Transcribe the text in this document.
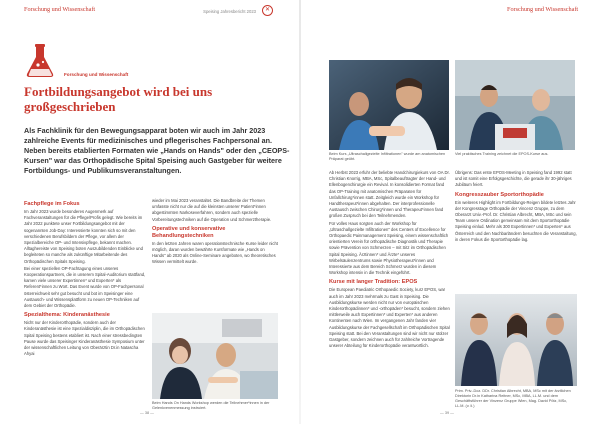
Forschung und Wissenschaft	Speising Jahresbericht 2023	✕
Forschung und Wissenschaft
Fortbildungsangebot wird bei uns großgeschrieben

Als Fachklinik für den Bewegungsapparat boten wir auch im Jahr 2023 zahlreiche Events für medizinisches und pflegerisches Fachpersonal an. Neben bereits etablierten Formaten wie „Hands on Hands" oder den „CEOPS-Kursen" war das Orthopädische Spital Speising auch Gastgeber für weitere Fortbildungs- und Publikumsveranstaltungen.

Fachpflege im Fokus

Im Jahr 2023 wurde besonderes Augenmerk auf Fachveranstaltungen für die Pflege/Profis gelegt. Wie bereits im Jahr 2022 punktete unser Fortbildungsangebot mit der sogenannten Job-Day: Interessierte konnten sich so mit den verschiedenen Berufsbildern der Pflege, vor allem der Spezialbereiche OP- und Intensivpflege, bekannt machen. Alltaghereiste von Speising boten Auszubildenden Einblicke und begleiteten so manche als zukünftige Mitarbeitende des Orthopädischen Spitals Speising.

Bei einer speziellen OP-Fachtagung eines unseres Kooperationspartners, die in unserem Spital-Auditorium stattfand, kamen viele unserer Expertinnen* und Experten* als Referent*innen zu Wort. Das Event wurde von OP-Fachpersonal österreichweit sehr gut besucht und bot im Speisinger eine Austausch- und Wissensplattform zu neuen OP-Techniken auf dem Gebiet der Orthopädie.

Spezialthema: Kinderanästhesie

Nicht nur der Kinderorthopädie, sondern auch der Kinderanästhesie ist eine Spezialdisziplin, die im Orthopädischen Spital Speising bestens etabliert ist. Nach einer stressbedingten Pause wurde das Speisinger Kinderanästhesie Symposium unter der wissenschaftlichen Leitung von Oberärztin Dr.in Natascha Ahyai

wieder im Mai 2023 veranstaltet. Die Bandbreite der Themen umfasste nicht nur die auf die kleinsten unserer Patient*innen abgestimmten Narkoseverfahren, sondern auch spezielle Vorbereitungstechniken auf die Operation und Schmerztherapie.

Operative und konservative Behandlungstechniken

In den letzten Jahren waren operationstechnische Kurse leider nicht möglich, daran wurden bewährte Kursformate wie „Hands on Hands" ab 2020 als Online-Seminare angeboten, wo theoretisches Wissen vermittelt wurde.

Beim Hands On Hands Workshop werden die Teilnehmer*innen in der Gelenkvenenmessung instruiert.
— 38 —
Forschung und Wissenschaft
Beim Kurs „Ultraschallgezielte Infiltrationen" wurde am anatomischen Präparat geübt.
Viel praktisches Training zeichnet die EPOS-Kurse aus.

Ab Herbst 2023 erfuhr der beliebte Handchirurgiekurs von OA Dr. Christian Knorrig, MBA, MSc, Spitalbeauftragter der Hand- und Ellenbogenchirurgie ein Revival. In konsolidierten Format fand das OP-Training mit anatomischen Präparaten für Unfallchirurg*innen statt. Zeitgleich wurde ein Workshop für Handtherapeut*innen abgehalten. Der interprofessionelle Austausch zwischen Chirurg*innen und Therapeut*innen fand großen Zuspruch bei den Teilnehmenden.

Für volles Haus sorgten auch der Workshop für „Ultraschallgezielte Infiltrationen" des Centers of Excellence for Orthopaedic Painmanagement Speising, einem wissenschaftlich orientierten Verein für orthopädische Diagnostik und Therapie sowie Prävention von Schmerzen – mit Sitz im Orthopädischen Spital Speising. Ärztinnen* und Ärzte* unseres Wirbelsäulenzentrums sowie Physiotherapeut*innen und Interessierte aus dem Bereich Schmerz wurden in diesem Workshop intensiv in die Technik eingeführt.

Kurse mit langer Tradition: EPOS

Die European Paediatric Orthopaedic Society, kurz EPOS, war auch im Jahr 2023 mehrmals zu Gast in Speising. Die Ausbildungskurse werden nicht nur von europäischen Kinderorthopädinnen* und -orthopäden* besucht, sondern ziehen mittlerweile auch Expertinnen* und Experten* aus anderen Kontinenten nach Wien. Im vergangenen Jahr fanden vier Ausbildungskurse der Fachgesellschaft im Orthopädischen Spital Speising statt. Bei den Veranstaltungen sind wir nicht nur stolzer Gastgeber, sondern zeichnen auch für zahlreiche Vortragende unserer Abteilung für Kinderorthopädie verantwortlich.

Übrigens: Das erste EPOS-Meeting in Speising fand 1992 statt und ist somit eine Erfolgsgeschichte, die gerade ihr 30-jähriges Jubiläum feiert.

Kongresszauber Sportorthopädie

Ein weiteres Highlight im Fortbildungs-Reigen bildete letztes Jahr der Kongresstage Orthopädie der Vincenz Gruppe, zu dem Oberarzt Univ.-Prof. Dr. Christian Albrecht, MBA, MSc und sein Team unsere Ordination gemeinsam mit dem Sportorthopädie Speising einlud. Mehr als 300 Expertinnen* und Experten* aus Österreich und den Nachbarländern besuchten die Veranstaltung, in deren Fokus die Sportorthopädie lag.

Prim. Priv.-Doz. DDr. Christian Albrecht, MBA, MSc mit der ärztlichen Direktorin Dr.in Katharina Reitner, MSc, MBA, LL.M. und dem Geschäftsführer der Vinzenz Gruppe Wien, Mag. David Pötz, MSc, LL.M. (v. li.)
— 39 —
